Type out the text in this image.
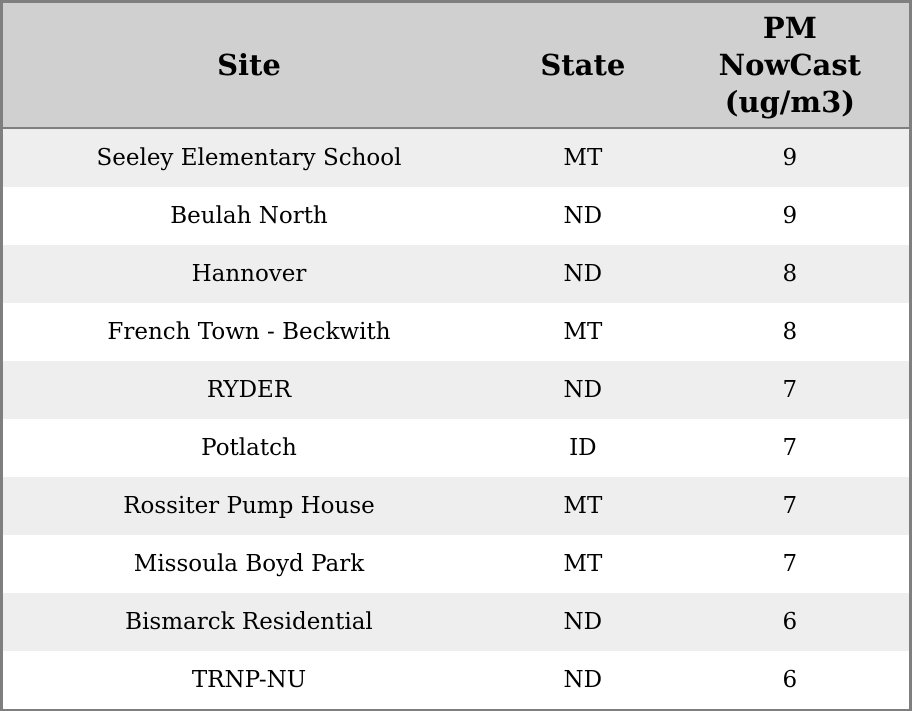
Site	State	PM
NowCast
(ug/m3)

Seeley Elementary School	MT	9
Beulah North	ND	9
Hannover	ND	8
French Town - Beckwith	MT	8
RYDER	ND	7
Potlatch	ID	7
Rossiter Pump House	MT	7
Missoula Boyd Park	MT	7
Bismarck Residential	ND	6
TRNP-NU	ND	6
